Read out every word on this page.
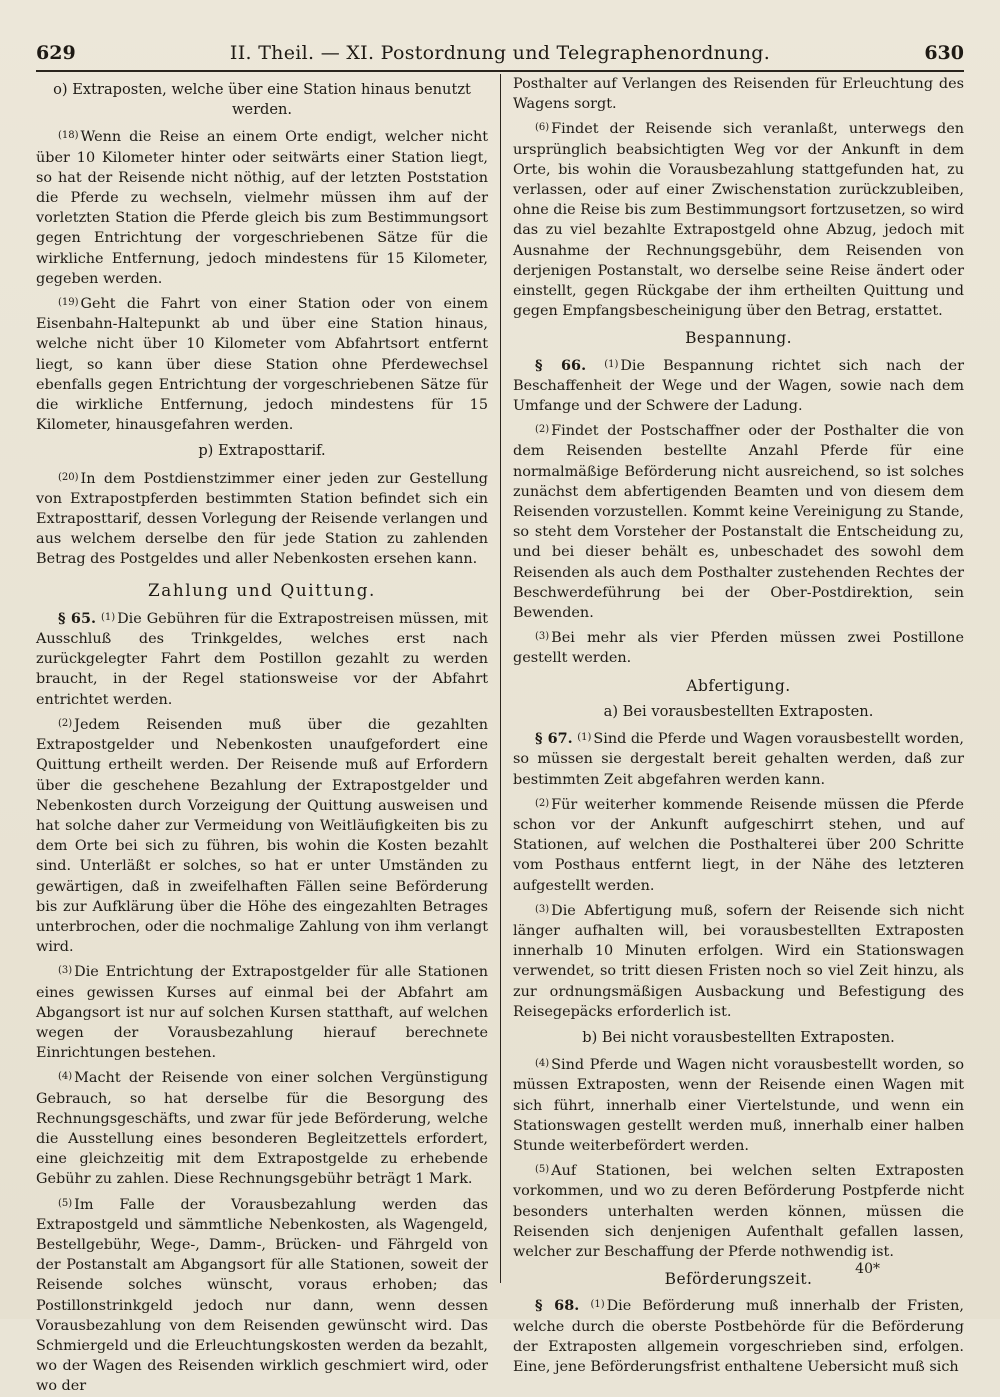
629	II. Theil. — XI. Postordnung und Telegraphenordnung.	630
o) Extraposten, welche über eine Station hinaus benutzt werden.

$^{(18)}$ Wenn die Reise an einem Orte endigt, welcher nicht über 10 Kilometer hinter oder seitwärts einer Station liegt, so hat der Reisende nicht nöthig, auf der letzten Poststation die Pferde zu wechseln, vielmehr müssen ihm auf der vorletzten Station die Pferde gleich bis zum Bestimmungsort gegen Entrichtung der vorgeschriebenen Sätze für die wirkliche Entfernung, jedoch mindestens für 15 Kilometer, gegeben werden.

$^{(19)}$ Geht die Fahrt von einer Station oder von einem Eisenbahn-Haltepunkt ab und über eine Station hinaus, welche nicht über 10 Kilometer vom Abfahrtsort entfernt liegt, so kann über diese Station ohne Pferdewechsel ebenfalls gegen Entrichtung der vorgeschriebenen Sätze für die wirkliche Entfernung, jedoch mindestens für 15 Kilometer, hinausgefahren werden.

p) Extraposttarif.

$^{(20)}$ In dem Postdienstzimmer einer jeden zur Gestellung von Extrapostpferden bestimmten Station befindet sich ein Extraposttarif, dessen Vorlegung der Reisende verlangen und aus welchem derselbe den für jede Station zu zahlenden Betrag des Postgeldes und aller Nebenkosten ersehen kann.

Zahlung und Quittung.

§ 65. $^{(1)}$ Die Gebühren für die Extrapostreisen müssen, mit Ausschluß des Trinkgeldes, welches erst nach zurückgelegter Fahrt dem Postillon gezahlt zu werden braucht, in der Regel stationsweise vor der Abfahrt entrichtet werden.

$^{(2)}$ Jedem Reisenden muß über die gezahlten Extrapostgelder und Nebenkosten unaufgefordert eine Quittung ertheilt werden. Der Reisende muß auf Erfordern über die geschehene Bezahlung der Extrapostgelder und Nebenkosten durch Vorzeigung der Quittung ausweisen und hat solche daher zur Vermeidung von Weitläufigkeiten bis zu dem Orte bei sich zu führen, bis wohin die Kosten bezahlt sind. Unterläßt er solches, so hat er unter Umständen zu gewärtigen, daß in zweifelhaften Fällen seine Beförderung bis zur Aufklärung über die Höhe des eingezahlten Betrages unterbrochen, oder die nochmalige Zahlung von ihm verlangt wird.

$^{(3)}$ Die Entrichtung der Extrapostgelder für alle Stationen eines gewissen Kurses auf einmal bei der Abfahrt am Abgangsort ist nur auf solchen Kursen statthaft, auf welchen wegen der Vorausbezahlung hierauf berechnete Einrichtungen bestehen.

$^{(4)}$ Macht der Reisende von einer solchen Vergünstigung Gebrauch, so hat derselbe für die Besorgung des Rechnungsgeschäfts, und zwar für jede Beförderung, welche die Ausstellung eines besonderen Begleitzettels erfordert, eine gleichzeitig mit dem Extrapostgelde zu erhebende Gebühr zu zahlen. Diese Rechnungsgebühr beträgt 1 Mark.

$^{(5)}$ Im Falle der Vorausbezahlung werden das Extrapostgeld und sämmtliche Nebenkosten, als Wagengeld, Bestellgebühr, Wege-, Damm-, Brücken- und Fährgeld von der Postanstalt am Abgangsort für alle Stationen, soweit der Reisende solches wünscht, voraus erhoben; das Postillonstrinkgeld jedoch nur dann, wenn dessen Vorausbezahlung von dem Reisenden gewünscht wird. Das Schmiergeld und die Erleuchtungskosten werden da bezahlt, wo der Wagen des Reisenden wirklich geschmiert wird, oder wo der

Posthalter auf Verlangen des Reisenden für Erleuchtung des Wagens sorgt.

$^{(6)}$ Findet der Reisende sich veranlaßt, unterwegs den ursprünglich beabsichtigten Weg vor der Ankunft in dem Orte, bis wohin die Vorausbezahlung stattgefunden hat, zu verlassen, oder auf einer Zwischenstation zurückzubleiben, ohne die Reise bis zum Bestimmungsort fortzusetzen, so wird das zu viel bezahlte Extrapostgeld ohne Abzug, jedoch mit Ausnahme der Rechnungsgebühr, dem Reisenden von derjenigen Postanstalt, wo derselbe seine Reise ändert oder einstellt, gegen Rückgabe der ihm ertheilten Quittung und gegen Empfangsbescheinigung über den Betrag, erstattet.

Bespannung.

§ 66. $^{(1)}$ Die Bespannung richtet sich nach der Beschaffenheit der Wege und der Wagen, sowie nach dem Umfange und der Schwere der Ladung.

$^{(2)}$ Findet der Postschaffner oder der Posthalter die von dem Reisenden bestellte Anzahl Pferde für eine normalmäßige Beförderung nicht ausreichend, so ist solches zunächst dem abfertigenden Beamten und von diesem dem Reisenden vorzustellen. Kommt keine Vereinigung zu Stande, so steht dem Vorsteher der Postanstalt die Entscheidung zu, und bei dieser behält es, unbeschadet des sowohl dem Reisenden als auch dem Posthalter zustehenden Rechtes der Beschwerdeführung bei der Ober-Postdirektion, sein Bewenden.

$^{(3)}$ Bei mehr als vier Pferden müssen zwei Postillone gestellt werden.

Abfertigung.
a) Bei vorausbestellten Extraposten.

§ 67. $^{(1)}$ Sind die Pferde und Wagen vorausbestellt worden, so müssen sie dergestalt bereit gehalten werden, daß zur bestimmten Zeit abgefahren werden kann.

$^{(2)}$ Für weiterher kommende Reisende müssen die Pferde schon vor der Ankunft aufgeschirrt stehen, und auf Stationen, auf welchen die Posthalterei über 200 Schritte vom Posthaus entfernt liegt, in der Nähe des letzteren aufgestellt werden.

$^{(3)}$ Die Abfertigung muß, sofern der Reisende sich nicht länger aufhalten will, bei vorausbestellten Extraposten innerhalb 10 Minuten erfolgen. Wird ein Stationswagen verwendet, so tritt diesen Fristen noch so viel Zeit hinzu, als zur ordnungsmäßigen Ausbackung und Befestigung des Reisegepäcks erforderlich ist.

b) Bei nicht vorausbestellten Extraposten.

$^{(4)}$ Sind Pferde und Wagen nicht vorausbestellt worden, so müssen Extraposten, wenn der Reisende einen Wagen mit sich führt, innerhalb einer Viertelstunde, und wenn ein Stationswagen gestellt werden muß, innerhalb einer halben Stunde weiterbefördert werden.

$^{(5)}$ Auf Stationen, bei welchen selten Extraposten vorkommen, und wo zu deren Beförderung Postpferde nicht besonders unterhalten werden können, müssen die Reisenden sich denjenigen Aufenthalt gefallen lassen, welcher zur Beschaffung der Pferde nothwendig ist.

Beförderungszeit.

§ 68. $^{(1)}$ Die Beförderung muß innerhalb der Fristen, welche durch die oberste Postbehörde für die Beförderung der Extraposten allgemein vorgeschrieben sind, erfolgen. Eine, jene Beförderungsfrist enthaltene Uebersicht muß sich

40*
